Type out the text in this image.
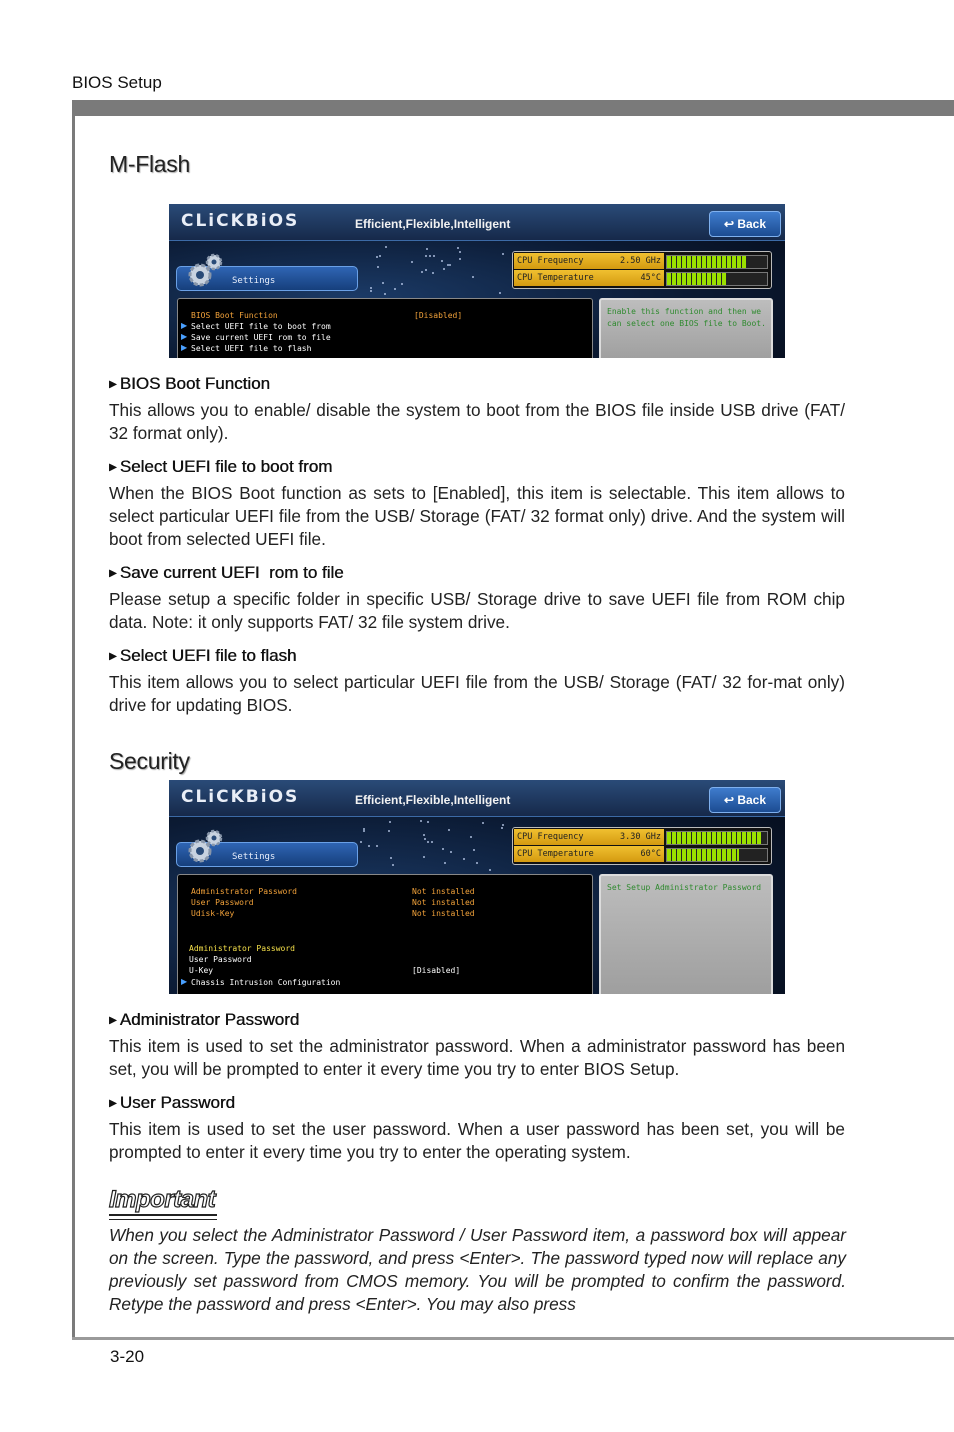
BIOS Setup
M-Flash
CLiCKBiOS	Efficient,Flexible,Intelligent	↩ Back
Settings
CPU Frequency	2.50 GHz
CPU Temperature	45°C
BIOS Boot Function	[Disabled]
▶ Select UEFI file to boot from
▶ Save current UEFI rom to file
▶ Select UEFI file to flash
Enable this function and then we can select one BIOS file to Boot.
▶ BIOS Boot Function
This allows you to enable/ disable the system to boot from the BIOS file inside USB drive (FAT/ 32 format only).
▶ Select UEFI file to boot from
When the BIOS Boot function as sets to [Enabled], this item is selectable. This item allows to select particular UEFI file from the USB/ Storage (FAT/ 32 format only) drive. And the system will boot from selected UEFI file.
▶ Save current UEFI  rom to file
Please setup a specific folder in specific USB/ Storage drive to save UEFI file from ROM chip data. Note: it only supports FAT/ 32 file system drive.
▶ Select UEFI file to flash
This item allows you to select particular UEFI file from the USB/ Storage (FAT/ 32 for-mat only) drive for updating BIOS.
Security
CLiCKBiOS	Efficient,Flexible,Intelligent	↩ Back
Settings
CPU Frequency	3.30 GHz
CPU Temperature	60°C
Administrator Password	Not installed
User Password	Not installed
Udisk-Key	Not installed
Administrator Password
User Password
U-Key	[Disabled]
▶ Chassis Intrusion Configuration
Set Setup Administrator Password
▶ Administrator Password
This item is used to set the administrator password. When a administrator password has been set, you will be prompted to enter it every time you try to enter BIOS Setup.
▶ User Password
This item is used to set the user password. When a user password has been set, you will be prompted to enter it every time you try to enter the operating system.
Important
When you select the Administrator Password / User Password item, a password box will appear on the screen. Type the password, and press <Enter>. The password typed now will replace any previously set password from CMOS memory. You will be prompted to confirm the password. Retype the password and press <Enter>. You may also press
3-20
